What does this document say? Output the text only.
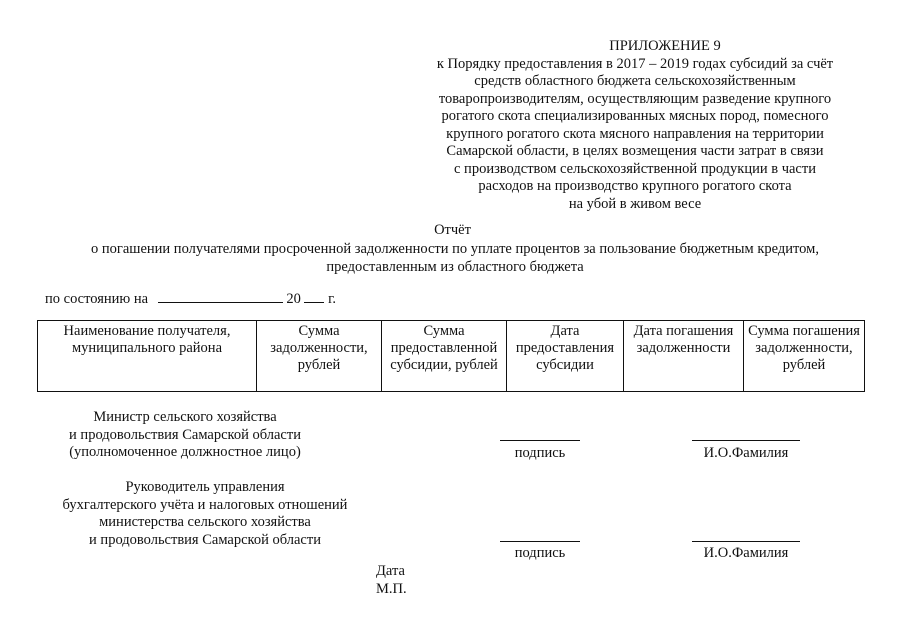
ПРИЛОЖЕНИЕ 9
к Порядку предоставления в 2017 – 2019 годах субсидий за счёт
средств областного бюджета сельскохозяйственным
товаропроизводителям, осуществляющим разведение крупного
рогатого скота специализированных мясных пород, помесного
крупного рогатого скота мясного направления на территории
Самарской области, в целях возмещения части затрат в связи
с производством сельскохозяйственной продукции в части
расходов на производство крупного рогатого скота
на убой в живом весе
Отчёт
о погашении получателями просроченной задолженности по уплате процентов за пользование бюджетным кредитом,
предоставленным из областного бюджета
по состоянию на	20 г.
Наименование получателя, муниципального района	Сумма задолженности, рублей	Сумма предоставленной субсидии, рублей	Дата предоставления субсидии	Дата погашения задолженности	Сумма погашения задолженности, рублей
Министр сельского хозяйства
и продовольствия Самарской области
(уполномоченное должностное лицо)	подпись	И.О.Фамилия
Руководитель управления
бухгалтерского учёта и налоговых отношений
министерства сельского хозяйства
и продовольствия Самарской области
подпись	И.О.Фамилия
Дата
М.П.
